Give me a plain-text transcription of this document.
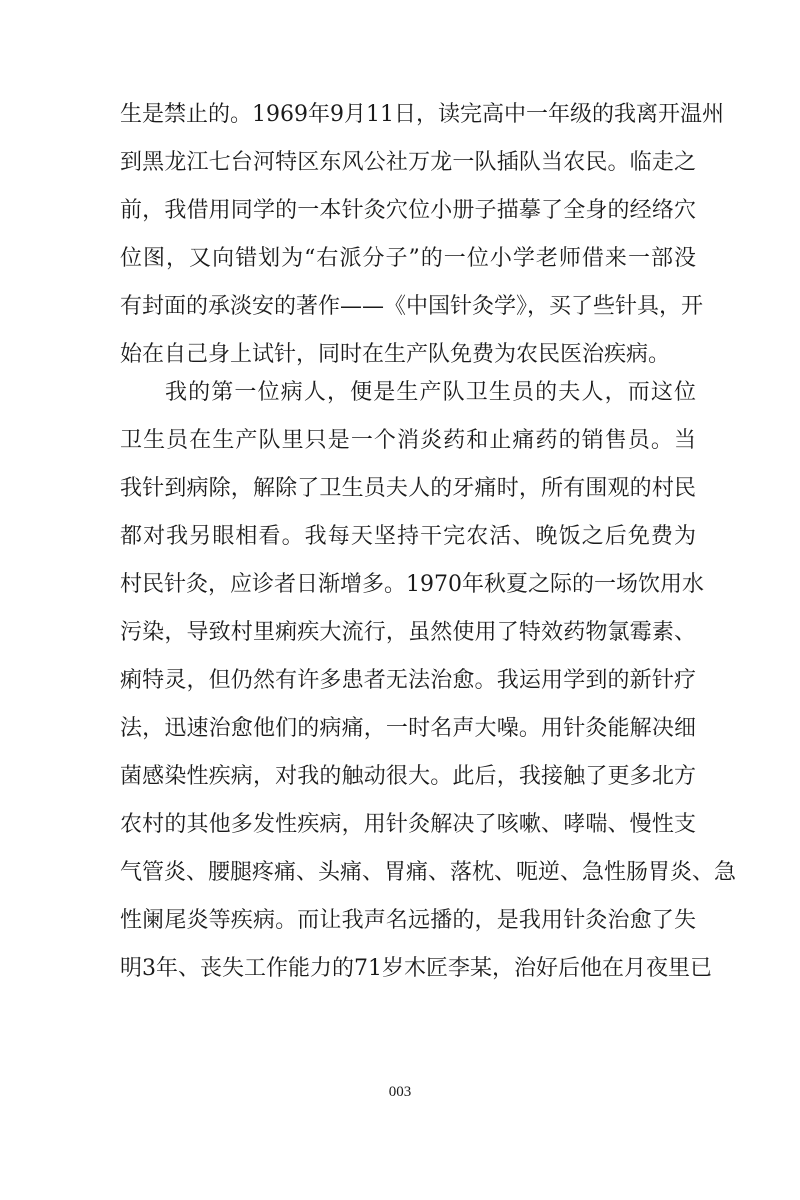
生是禁止的。1969年9月11日，读完高中一年级的我离开温州
到黑龙江七台河特区东风公社万龙一队插队当农民。临走之
前，我借用同学的一本针灸穴位小册子描摹了全身的经络穴
位图，又向错划为“右派分子”的一位小学老师借来一部没
有封面的承淡安的著作——《中国针灸学》，买了些针具，开
始在自己身上试针，同时在生产队免费为农民医治疾病。
我的第一位病人，便是生产队卫生员的夫人，而这位
卫生员在生产队里只是一个消炎药和止痛药的销售员。当
我针到病除，解除了卫生员夫人的牙痛时，所有围观的村民
都对我另眼相看。我每天坚持干完农活、晚饭之后免费为
村民针灸，应诊者日渐增多。1970年秋夏之际的一场饮用水
污染，导致村里痢疾大流行，虽然使用了特效药物氯霉素、
痢特灵，但仍然有许多患者无法治愈。我运用学到的新针疗
法，迅速治愈他们的病痛，一时名声大噪。用针灸能解决细
菌感染性疾病，对我的触动很大。此后，我接触了更多北方
农村的其他多发性疾病，用针灸解决了咳嗽、哮喘、慢性支
气管炎、腰腿疼痛、头痛、胃痛、落枕、呃逆、急性肠胃炎、急
性阑尾炎等疾病。而让我声名远播的，是我用针灸治愈了失
明3年、丧失工作能力的71岁木匠李某，治好后他在月夜里已
003
